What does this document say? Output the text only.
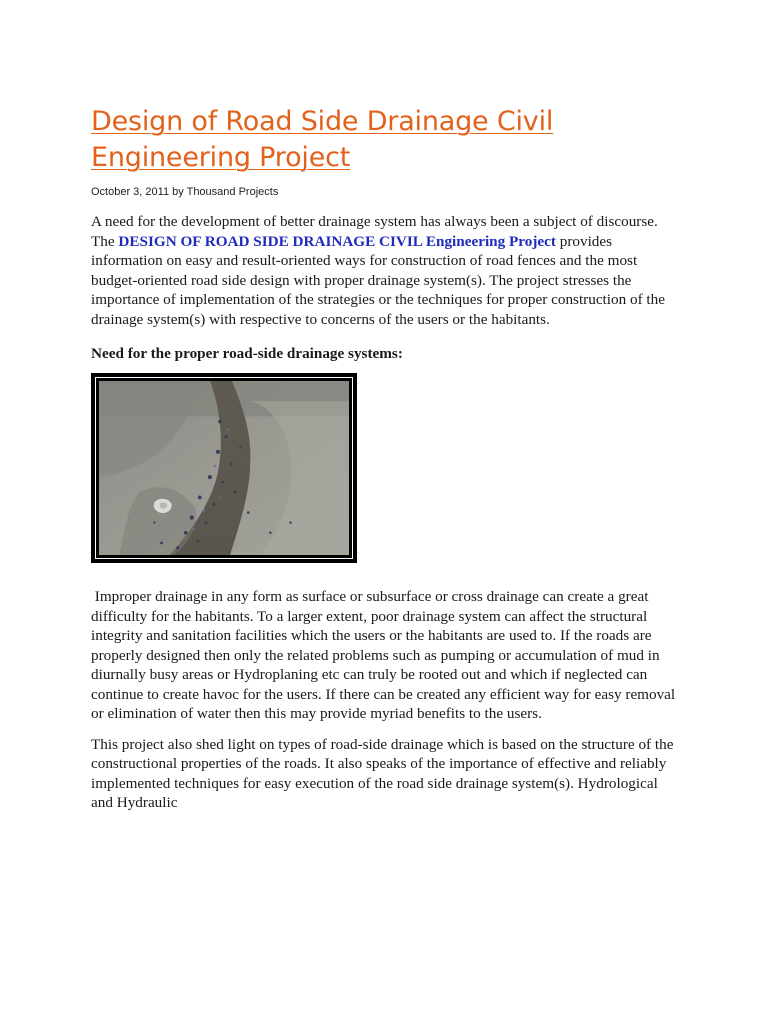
Design of Road Side Drainage Civil Engineering Project
October 3, 2011 by Thousand Projects

A need for the development of better drainage system has always been a subject of discourse. The DESIGN OF ROAD SIDE DRAINAGE CIVIL Engineering Project provides information on easy and result-oriented ways for construction of road fences and the most budget-oriented road side design with proper drainage system(s). The project stresses the importance of implementation of the strategies or the techniques for proper construction of the drainage system(s) with respective to concerns of the users or the habitants.

Need for the proper road-side drainage systems:

Improper drainage in any form as surface or subsurface or cross drainage can create a great difficulty for the habitants. To a larger extent, poor drainage system can affect the structural integrity and sanitation facilities which the users or the habitants are used to. If the roads are properly designed then only the related problems such as pumping or accumulation of mud in diurnally busy areas or Hydroplaning etc can truly be rooted out and which if neglected can continue to create havoc for the users. If there can be created any efficient way for easy removal or elimination of water then this may provide myriad benefits to the users.

This project also shed light on types of road-side drainage which is based on the structure of the constructional properties of the roads. It also speaks of the importance of effective and reliably implemented techniques for easy execution of the road side drainage system(s). Hydrological and Hydraulic
